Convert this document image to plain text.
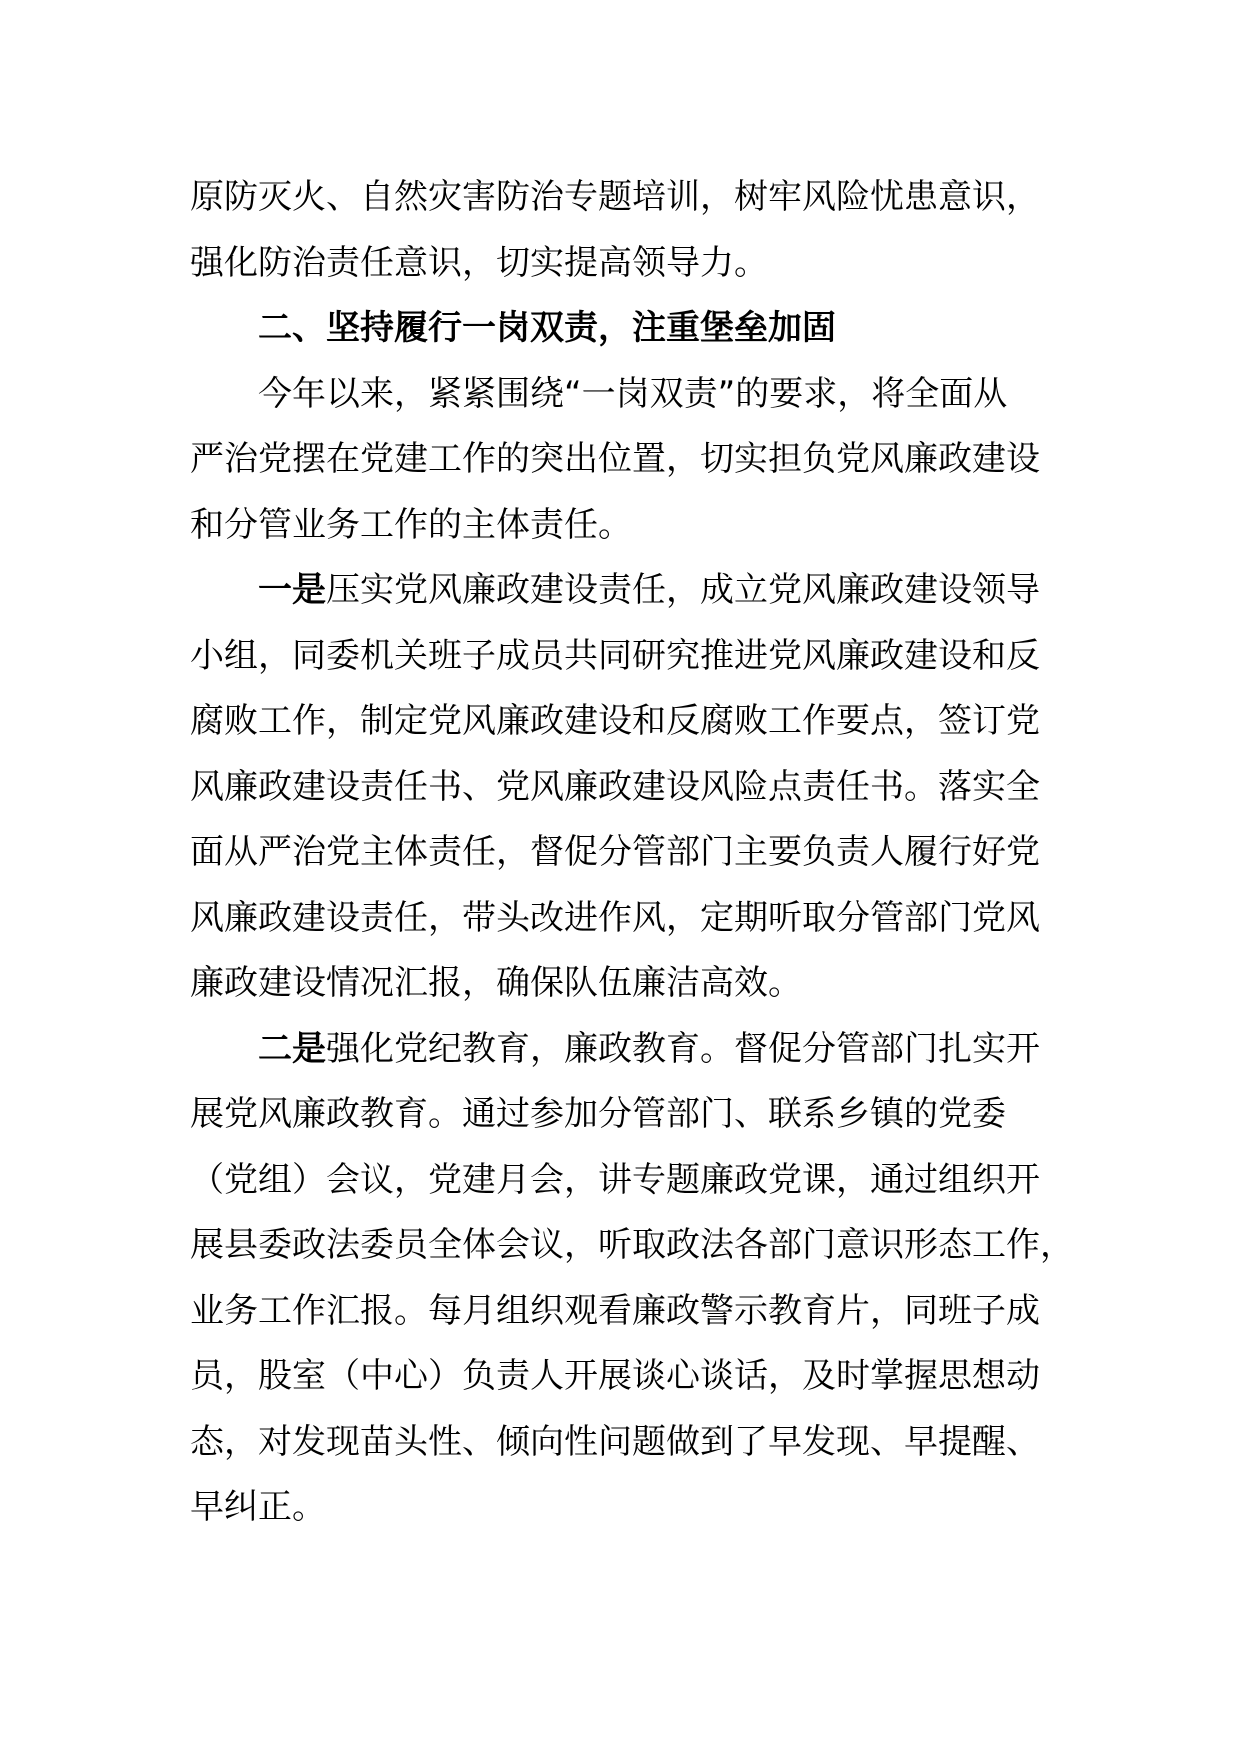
原防灭火、自然灾害防治专题培训，树牢风险忧患意识，
强化防治责任意识，切实提高领导力。
二、坚持履行一岗双责，注重堡垒加固
今年以来，紧紧围绕“一岗双责”的要求，将全面从
严治党摆在党建工作的突出位置，切实担负党风廉政建设
和分管业务工作的主体责任。
一是压实党风廉政建设责任，成立党风廉政建设领导
小组，同委机关班子成员共同研究推进党风廉政建设和反
腐败工作，制定党风廉政建设和反腐败工作要点，签订党
风廉政建设责任书、党风廉政建设风险点责任书。落实全
面从严治党主体责任，督促分管部门主要负责人履行好党
风廉政建设责任，带头改进作风，定期听取分管部门党风
廉政建设情况汇报，确保队伍廉洁高效。
二是强化党纪教育，廉政教育。督促分管部门扎实开
展党风廉政教育。通过参加分管部门、联系乡镇的党委
（党组）会议，党建月会，讲专题廉政党课，通过组织开
展县委政法委员全体会议，听取政法各部门意识形态工作，
业务工作汇报。每月组织观看廉政警示教育片，同班子成
员，股室（中心）负责人开展谈心谈话，及时掌握思想动
态，对发现苗头性、倾向性问题做到了早发现、早提醒、
早纠正。
